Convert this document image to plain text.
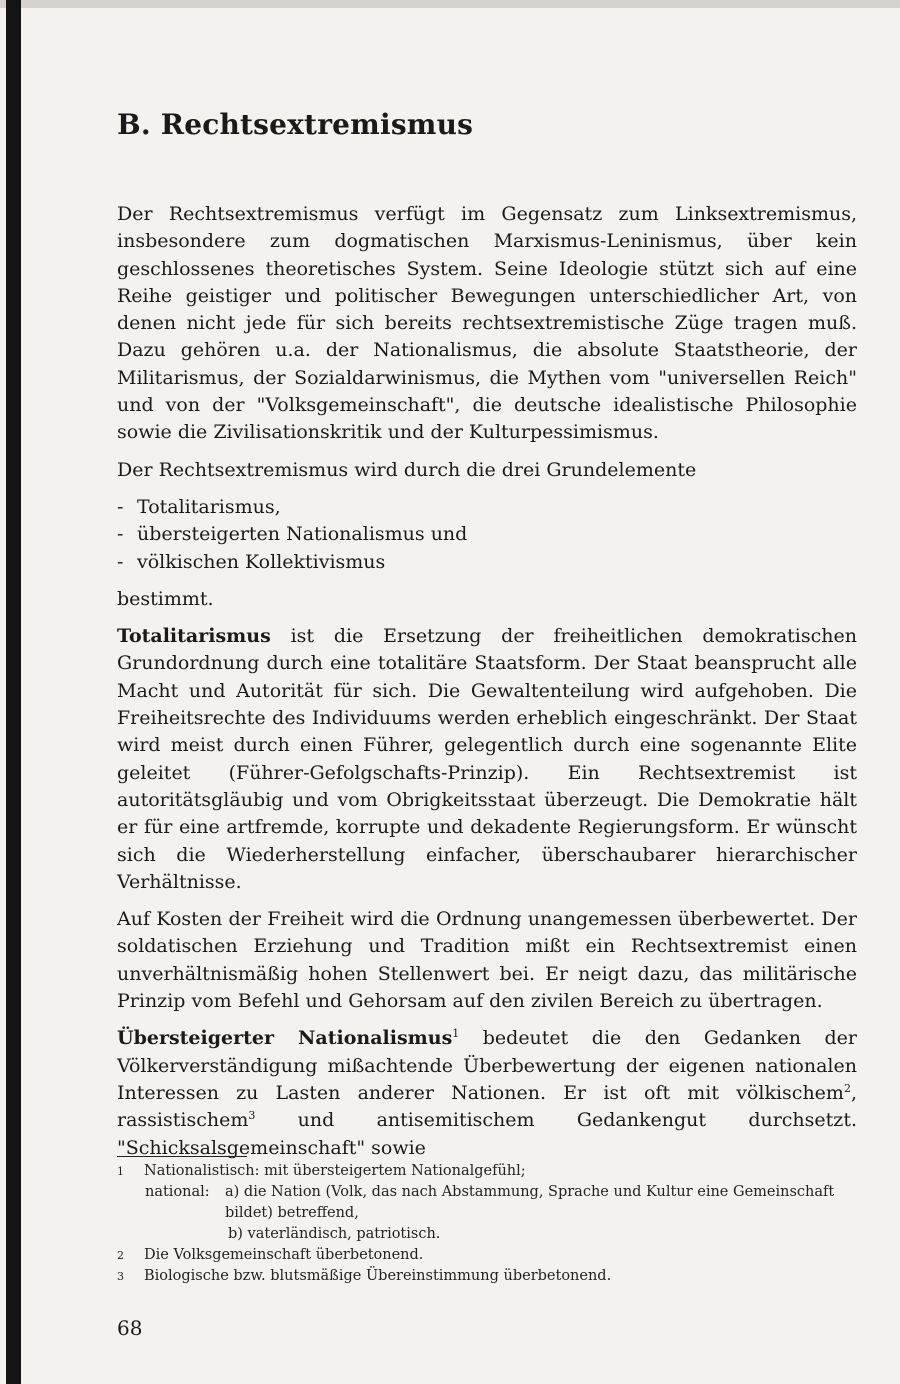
B. Rechtsextremismus

Der Rechtsextremismus verfügt im Gegensatz zum Linksextremismus, insbesondere zum dogmatischen Marxismus-Leninismus, über kein geschlossenes theoretisches System. Seine Ideologie stützt sich auf eine Reihe geistiger und politischer Bewegungen unterschiedlicher Art, von denen nicht jede für sich bereits rechtsextremistische Züge tragen muß. Dazu gehören u.a. der Nationalismus, die absolute Staatstheorie, der Militarismus, der Sozialdarwinismus, die Mythen vom "universellen Reich" und von der "Volksgemeinschaft", die deutsche idealistische Philosophie sowie die Zivilisationskritik und der Kulturpessimismus.

Der Rechtsextremismus wird durch die drei Grundelemente

- Totalitarismus,
- übersteigerten Nationalismus und
- völkischen Kollektivismus

bestimmt.

Totalitarismus ist die Ersetzung der freiheitlichen demokratischen Grundordnung durch eine totalitäre Staatsform. Der Staat beansprucht alle Macht und Autorität für sich. Die Gewaltenteilung wird aufgehoben. Die Freiheitsrechte des Individuums werden erheblich eingeschränkt. Der Staat wird meist durch einen Führer, gelegentlich durch eine sogenannte Elite geleitet (Führer-Gefolgschafts-Prinzip). Ein Rechtsextremist ist autoritätsgläubig und vom Obrigkeitsstaat überzeugt. Die Demokratie hält er für eine artfremde, korrupte und dekadente Regierungsform. Er wünscht sich die Wiederherstellung einfacher, überschaubarer hierarchischer Verhältnisse.

Auf Kosten der Freiheit wird die Ordnung unangemessen überbewertet. Der soldatischen Erziehung und Tradition mißt ein Rechtsextremist einen unverhältnismäßig hohen Stellenwert bei. Er neigt dazu, das militärische Prinzip vom Befehl und Gehorsam auf den zivilen Bereich zu übertragen.

Übersteigerter Nationalismus$^1$ bedeutet die den Gedanken der Völkerverständigung mißachtende Überbewertung der eigenen nationalen Interessen zu Lasten anderer Nationen. Er ist oft mit völkischem$^2$, rassistischem$^3$ und antisemitischem Gedankengut durchsetzt. "Schicksalsgemeinschaft" sowie

1	Nationalistisch: mit übersteigertem Nationalgefühl;
national:	a) die Nation (Volk, das nach Abstammung, Sprache und Kultur eine Gemeinschaft bildet) betreffend,
b) vaterländisch, patriotisch.
2	Die Volksgemeinschaft überbetonend.
3	Biologische bzw. blutsmäßige Übereinstimmung überbetonend.
68
